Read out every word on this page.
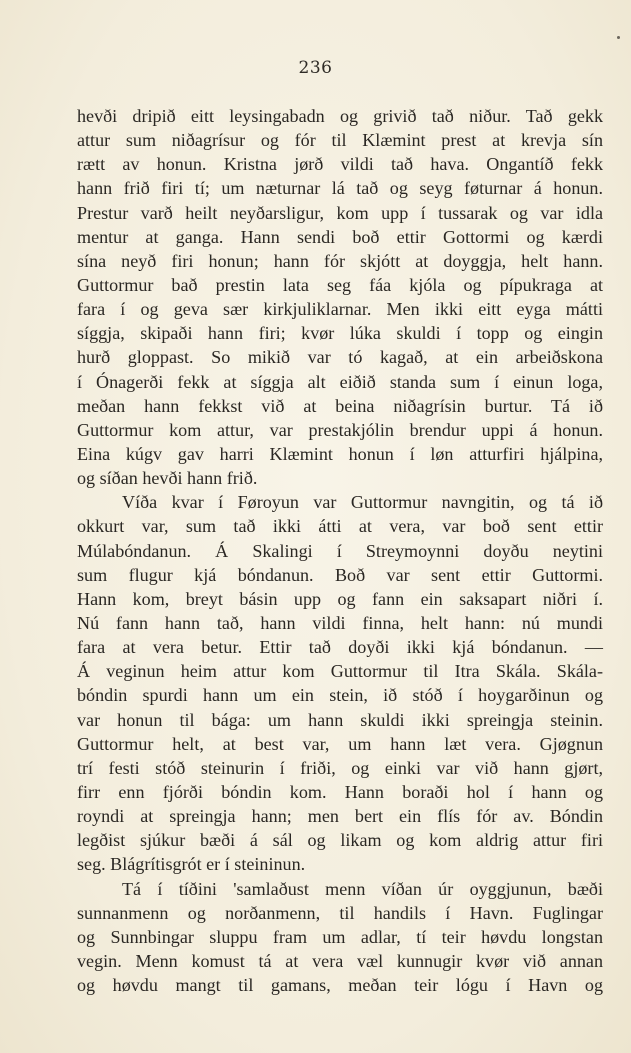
236
hevði dripið eitt leysingabadn og grivið tað niður. Tað gekk
attur sum niðagrísur og fór til Klæmint prest at krevja sín
rætt av honun. Kristna jørð vildi tað hava. Ongantíð fekk
hann frið firi tí; um næturnar lá tað og seyg føturnar á honun.
Prestur varð heilt neyðarsligur, kom upp í tussarak og var idla
mentur at ganga. Hann sendi boð ettir Gottormi og kærdi
sína neyð firi honun; hann fór skjótt at doyggja, helt hann.
Guttormur bað prestin lata seg fáa kjóla og pípukraga at
fara í og geva sær kirkjuliklarnar. Men ikki eitt eyga mátti
síggja, skipaði hann firi; kvør lúka skuldi í topp og eingin
hurð gloppast. So mikið var tó kagað, at ein arbeiðskona
í Ónagerði fekk at síggja alt eiðið standa sum í einun loga,
meðan hann fekkst við at beina niðagrísin burtur. Tá ið
Guttormur kom attur, var prestakjólin brendur uppi á honun.
Eina kúgv gav harri Klæmint honun í løn atturfiri hjálpina,
og síðan hevði hann frið.
Víða kvar í Føroyun var Guttormur navngitin, og tá ið
okkurt var, sum tað ikki átti at vera, var boð sent ettir
Múlabóndanun. Á Skalingi í Streymoynni doyðu neytini
sum flugur kjá bóndanun. Boð var sent ettir Guttormi.
Hann kom, breyt básin upp og fann ein saksapart niðri í.
Nú fann hann tað, hann vildi finna, helt hann: nú mundi
fara at vera betur. Ettir tað doyði ikki kjá bóndanun. —
Á veginun heim attur kom Guttormur til Itra Skála. Skála-
bóndin spurdi hann um ein stein, ið stóð í hoygarðinun og
var honun til bága: um hann skuldi ikki spreingja steinin.
Guttormur helt, at best var, um hann læt vera. Gjøgnun
trí festi stóð steinurin í friði, og einki var við hann gjørt,
firr enn fjórði bóndin kom. Hann boraði hol í hann og
royndi at spreingja hann; men bert ein flís fór av. Bóndin
legðist sjúkur bæði á sál og likam og kom aldrig attur firi
seg. Blágrítisgrót er í steininun.
Tá í tíðini 'samlaðust menn víðan úr oyggjunun, bæði
sunnanmenn og norðanmenn, til handils í Havn. Fuglingar
og Sunnbingar sluppu fram um adlar, tí teir høvdu longstan
vegin. Menn komust tá at vera væl kunnugir kvør við annan
og høvdu mangt til gamans, meðan teir lógu í Havn og
